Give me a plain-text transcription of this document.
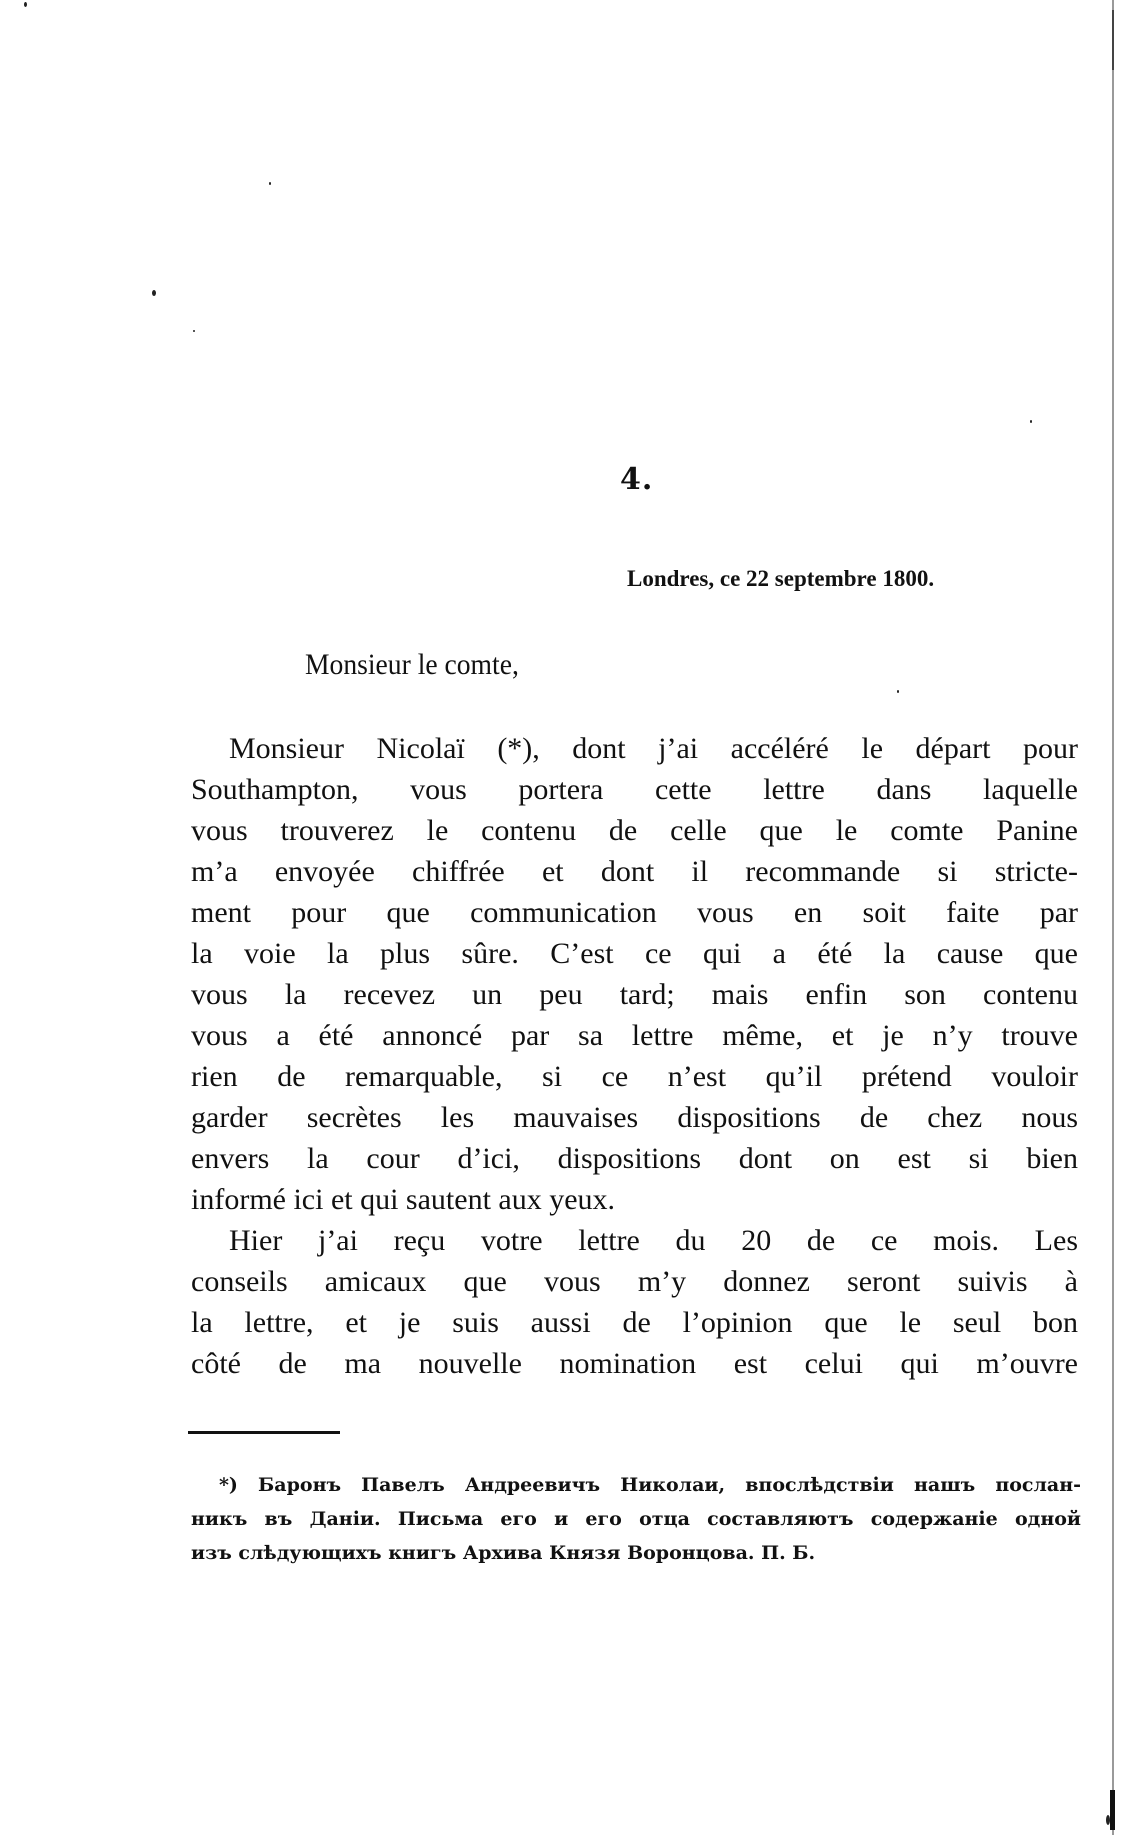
4.
Londres, ce 22 septembre 1800.
Monsieur le comte,
Monsieur Nicolaï (*), dont j’ai accéléré le départ pour
Southampton, vous portera cette lettre dans laquelle
vous trouverez le contenu de celle que le comte Panine
m’a envoyée chiffrée et dont il recommande si stricte-
ment pour que communication vous en soit faite par
la voie la plus sûre. C’est ce qui a été la cause que
vous la recevez un peu tard; mais enfin son contenu
vous a été annoncé par sa lettre même, et je n’y trouve
rien de remarquable, si ce n’est qu’il prétend vouloir
garder secrètes les mauvaises dispositions de chez nous
envers la cour d’ici, dispositions dont on est si bien
informé ici et qui sautent aux yeux.
Hier j’ai reçu votre lettre du 20 de ce mois. Les
conseils amicaux que vous m’y donnez seront suivis à
la lettre, et je suis aussi de l’opinion que le seul bon
côté de ma nouvelle nomination est celui qui m’ouvre
*) Баронъ Павелъ Андреевичъ Николаи, впослѣдствіи нашъ послан-
никъ въ Даніи. Письма его и его отца составляютъ содержаніе одной
изъ слѣдующихъ книгъ Архива Князя Воронцова. П. Б.
